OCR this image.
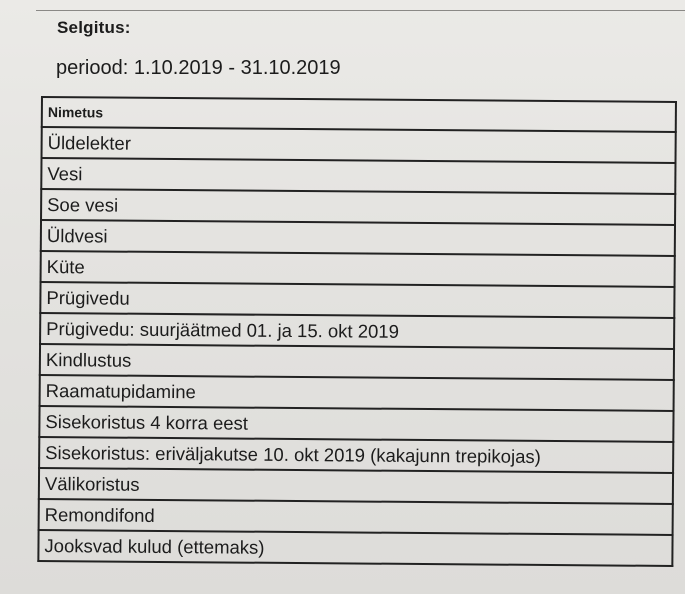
Selgitus:
periood: 1.10.2019 - 31.10.2019
Nimetus
Üldelekter
Vesi
Soe vesi
Üldvesi
Küte
Prügivedu
Prügivedu: suurjäätmed 01. ja 15. okt 2019
Kindlustus
Raamatupidamine
Sisekoristus 4 korra eest
Sisekoristus: eriväljakutse 10. okt 2019 (kakajunn trepikojas)
Välikoristus
Remondifond
Jooksvad kulud (ettemaks)
